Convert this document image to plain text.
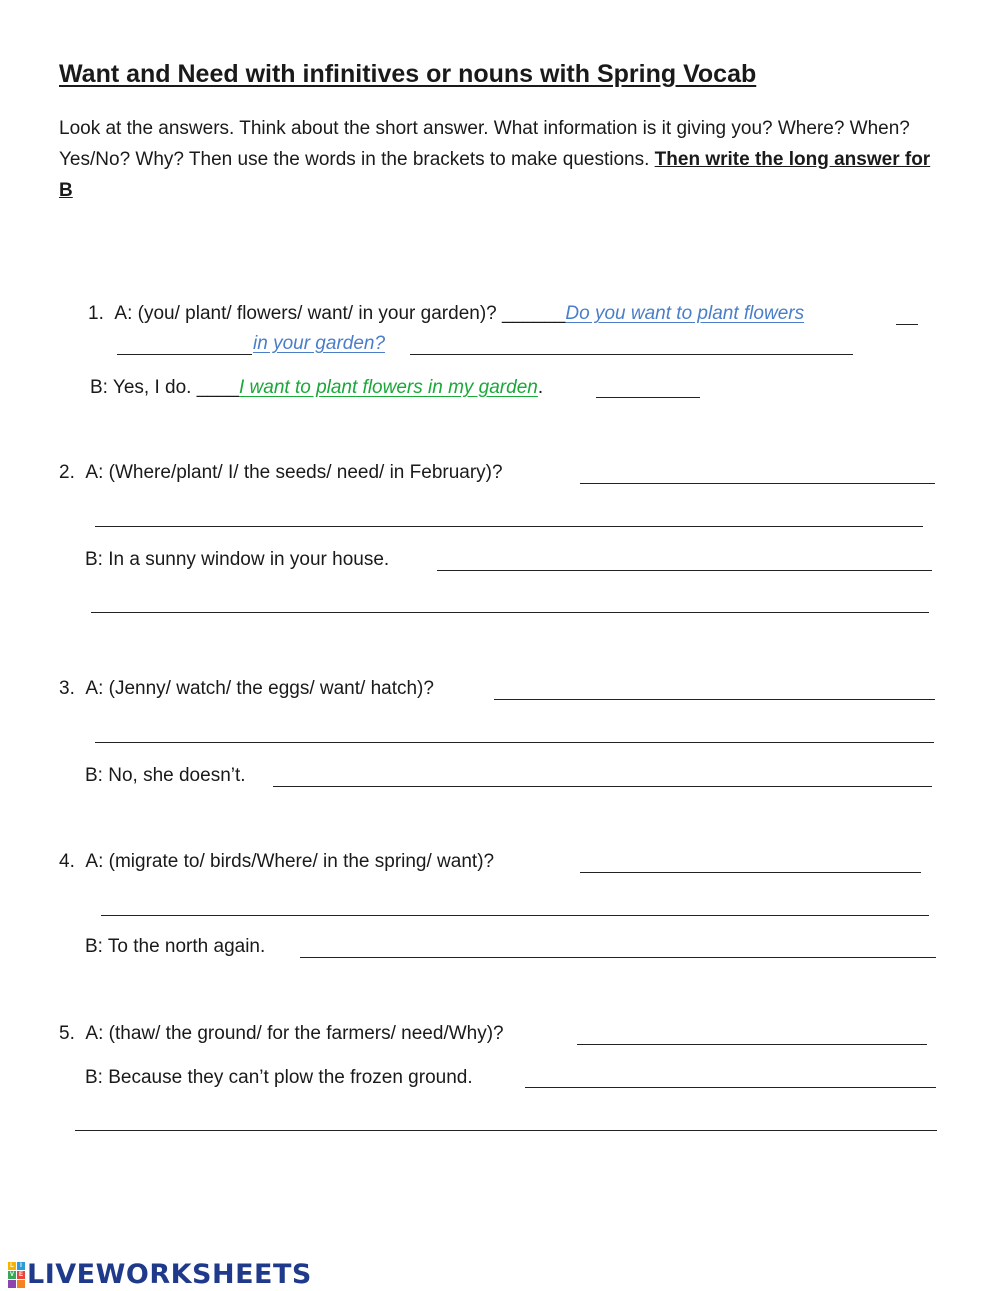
Want and Need with infinitives or nouns with Spring Vocab
Look at the answers. Think about the short answer. What information is it giving you? Where? When? Yes/No? Why? Then use the words in the brackets to make questions. Then write the long answer for B
1. A: (you/ plant/ flowers/ want/ in your garden)? ______Do you want to plant flowers
in your garden?
B: Yes, I do. ____I want to plant flowers in my garden.
2. A: (Where/plant/ I/ the seeds/ need/ in February)?
B: In a sunny window in your house.
3. A: (Jenny/ watch/ the eggs/ want/ hatch)?
B: No, she doesn’t.
4. A: (migrate to/ birds/Where/ in the spring/ want)?
B: To the north again.
5. A: (thaw/ the ground/ for the farmers/ need/Why)?
B: Because they can’t plow the frozen ground.
L	I
V E LIVEWORKSHEETS
